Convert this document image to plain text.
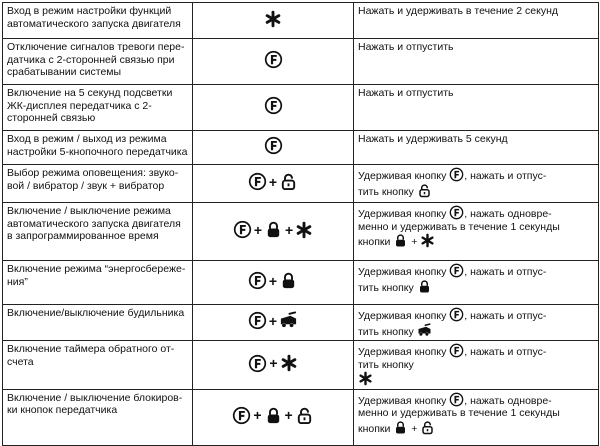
Вход в режим настройки функций
автоматического запуска двигателя		Нажать и удерживать в течение 2 секунд

Отключение сигналов тревоги пере-
датчика с 2-сторонней связью при
срабатывании системы		Нажать и отпустить

Включение на 5 секунд подсветки
ЖК-дисплея передатчика с 2-
сторонней связью		Нажать и отпустить

Вход в режим / выход из режима
настройки 5-кнопочного передатчика		Нажать и удерживать 5 секунд

Выбор режима оповещения: звуко-
вой / вибратор / звук + вибратор	+	Удерживая кнопку , нажать и отпус-
тить кнопку

Включение / выключение режима
автоматического запуска двигателя
в запрограммированное время	+ +	Удерживая кнопку , нажать одновре-
менно и удерживать в течение 1 секунды
кнопки  +

Включение режима “энергосбереже-
ния”	+	Удерживая кнопку , нажать и отпус-
тить кнопку

Включение/выключение будильника	+	Удерживая кнопку , нажать и отпус-
тить кнопку

Включение таймера обратного от-
счета	+	Удерживая кнопку , нажать и отпус-
тить кнопку

Включение / выключение блокиров-
ки кнопок передатчика	+ +	Удерживая кнопку , нажать одновре-
менно и удерживать в течение 1 секунды
кнопки  +
